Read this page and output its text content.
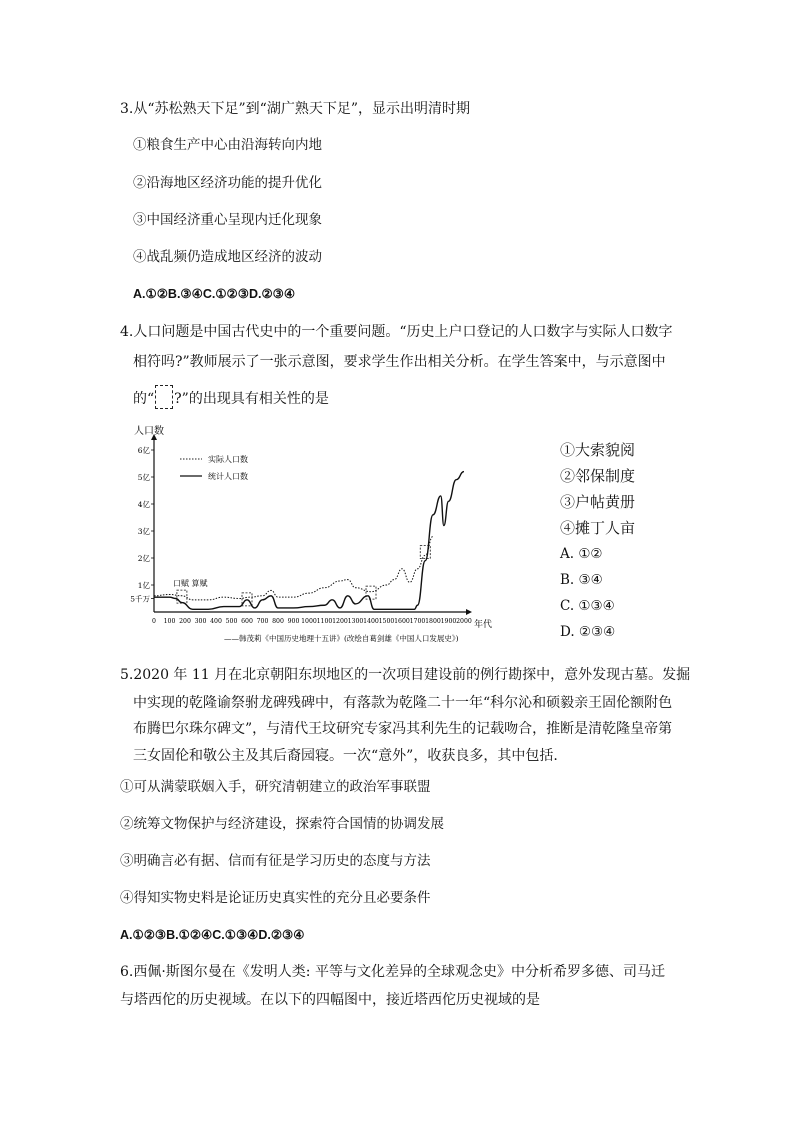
3.从“苏松熟天下足”到“湖广熟天下足”，显示出明清时期
①粮食生产中心由沿海转向内地
②沿海地区经济功能的提升优化
③中国经济重心呈现内迁化现象
④战乱频仍造成地区经济的波动
A.①②B.③④C.①②③D.②③④
4.人口问题是中国古代史中的一个重要问题。“历史上户口登记的人口数字与实际人口数字
相符吗?”教师展示了一张示意图，要求学生作出相关分析。在学生答案中，与示意图中
的“ ?”的出现具有相关性的是
6亿
5亿
4亿
3亿
2亿
1亿
5千万
0 100 200 300 400 500 600 700 800 900 1000 1100 1200 1300 1400 1500 1600 1700 1800 1900 2000
人口数
年代
实际人口数
统计人口数
口赋 算赋
——韩茂莉《中国历史地理十五讲》(改绘自葛剑雄《中国人口发展史》)
①大索貌阅
②邻保制度
③户帖黄册
④摊丁人亩
A. ①②
B. ③④
C. ①③④
D. ②③④
5.2020 年 11 月在北京朝阳东坝地区的一次项目建设前的例行勘探中，意外发现古墓。发掘
中实现的乾隆谕祭驸龙碑残碑中，有落款为乾隆二十一年“科尔沁和硕毅亲王固伦额附色
布腾巴尔珠尔碑文”，与清代王坟研究专家冯其利先生的记载吻合，推断是清乾隆皇帝第
三女固伦和敬公主及其后裔园寝。一次“意外”，收获良多，其中包括.
①可从满蒙联姻入手，研究清朝建立的政治军事联盟
②统筹文物保护与经济建设，探索符合国情的协调发展
③明确言必有据、信而有征是学习历史的态度与方法
④得知实物史料是论证历史真实性的充分且必要条件
A.①②③B.①②④C.①③④D.②③④
6.西佩·斯图尔曼在《发明人类: 平等与文化差异的全球观念史》中分析希罗多德、司马迁
与塔西佗的历史视域。在以下的四幅图中，接近塔西佗历史视域的是
